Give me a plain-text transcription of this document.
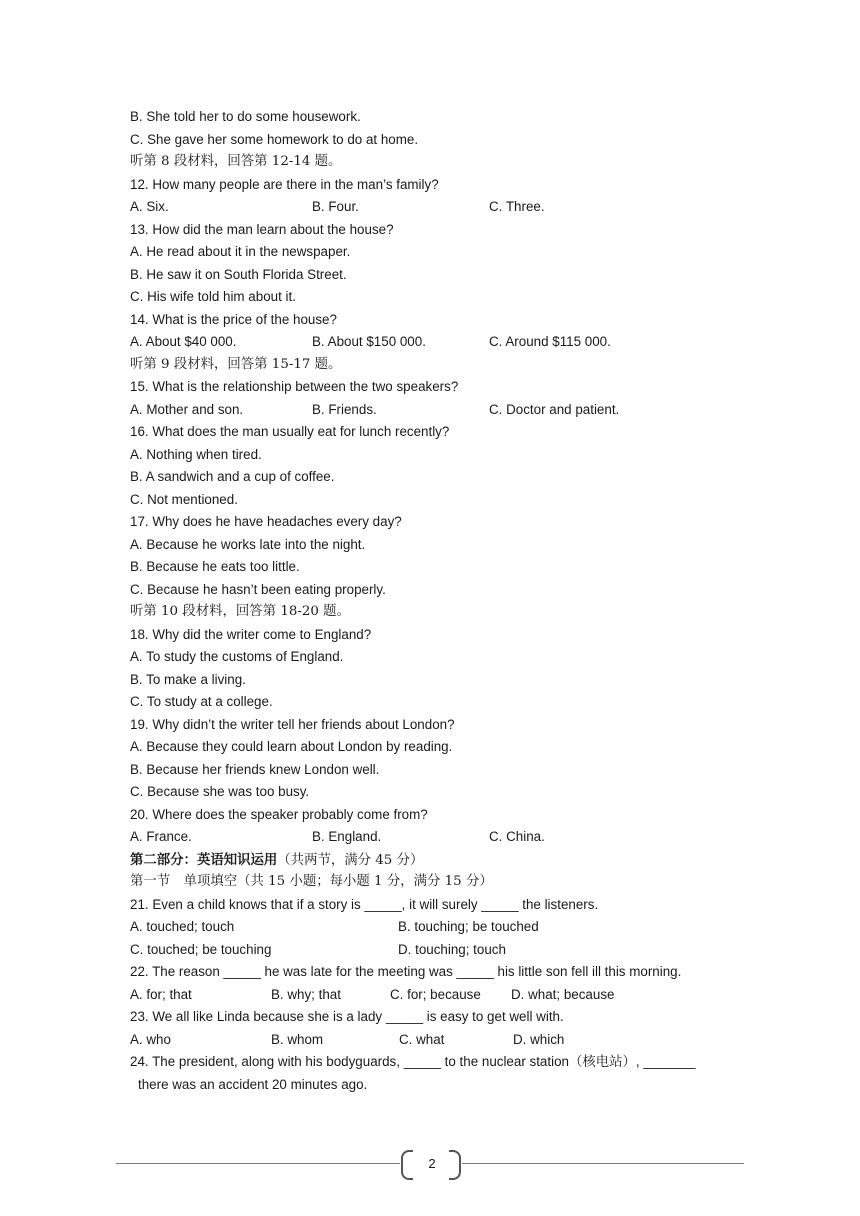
B. She told her to do some housework.
C. She gave her some homework to do at home.
听第 8 段材料，回答第 12-14 题。
12. How many people are there in the man’s family?
A. Six.	B. Four.	C. Three.
13. How did the man learn about the house?
A. He read about it in the newspaper.
B. He saw it on South Florida Street.
C. His wife told him about it.
14. What is the price of the house?
A. About $40 000.	B. About $150 000.	C. Around $115 000.
听第 9 段材料，回答第 15-17 题。
15. What is the relationship between the two speakers?
A. Mother and son.	B. Friends.	C. Doctor and patient.
16. What does the man usually eat for lunch recently?
A. Nothing when tired.
B. A sandwich and a cup of coffee.
C. Not mentioned.
17. Why does he have headaches every day?
A. Because he works late into the night.
B. Because he eats too little.
C. Because he hasn’t been eating properly.
听第 10 段材料，回答第 18-20 题。
18. Why did the writer come to England?
A. To study the customs of England.
B. To make a living.
C. To study at a college.
19. Why didn’t the writer tell her friends about London?
A. Because they could learn about London by reading.
B. Because her friends knew London well.
C. Because she was too busy.
20. Where does the speaker probably come from?
A. France.	B. England.	C. China.
第二部分：英语知识运用（共两节，满分 45 分）
第一节　单项填空（共 15 小题；每小题 1 分，满分 15 分）
21. Even a child knows that if a story is _____, it will surely _____ the listeners.
A. touched; touch	B. touching; be touched
C. touched; be touching	D. touching; touch
22. The reason _____ he was late for the meeting was _____ his little son fell ill this morning.
A. for; that	B. why; that	C. for; because D. what; because
23. We all like Linda because she is a lady _____ is easy to get well with.
A. who	B. whom	C. what	D. which
24. The president, along with his bodyguards, _____ to the nuclear station（核电站）, _______
there was an accident 20 minutes ago.
2
